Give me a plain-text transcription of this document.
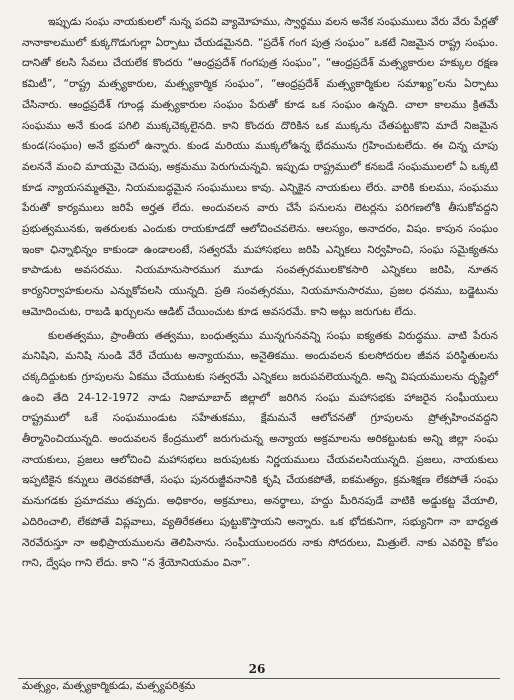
ఇప్పుడు సంఘ నాయకులలో నున్న పదవి వ్యామోహము, స్వార్థము వలన అనేక సంఘములు వేరు వేరు పేర్లతో నానాకాలములో కుక్కగొడుగుల్లా ఏర్పాటు చేయడమైనది. “ప్రదేశ్ గంగ పుత్ర సంఘం” ఒకటే నిజమైన రాష్ట్ర సంఘం. దానితో కలసి సేవలు చేయలేక కొందరు “ఆంధ్రప్రదేశ్ గంగపుత్ర సంఘం”, “ఆంధ్రప్రదేశ్ మత్స్యకారుల హక్కుల రక్షణ కమిటీ”, “రాష్ట్ర మత్స్యకారుల, మత్స్యకార్మిక సంఘం”, “ఆంధ్రప్రదేశ్ మత్స్యకార్మికుల సమాఖ్య”లను ఏర్పాటు చేసినారు. ఆంధ్రప్రదేశ్ గూండ్ల మత్స్యకారుల సంఘం పేరుతో కూడ ఒక సంఘం ఉన్నది. చాలా కాలము క్రితమే సంఘము అనే కుండ పగిలి ముక్కచెక్కలైనది. కాని కొందరు దొరికిన ఒక ముక్కను చేతపట్టుకొని మాదే నిజమైన కుండ(సంఘం) అనే భ్రమలో ఉన్నారు. కుండ మరియు ముక్కలోఉన్న భేదమును గ్రహించుటలేదు. ఈ చిన్న చూపు వలననే మంచి మాయమై చెదుపు, అక్రమము పెరుగుచున్నవి. ఇప్పుడు రాష్ట్రములో కనబడే సంఘములలో ఏ ఒక్కటి కూడ న్యాయసమ్మతమై, నియమబద్ధమైన సంఘములు కావు. ఎన్నికైన నాయకులు లేరు. వారికి కులము, సంఘము పేరుతో కార్యములు జరిపే అర్హత లేదు. అందువలన వారు చేసే పనులను లెటర్లను పరిగణలోకి తీసుకోవద్దని ప్రభుత్వమునకు, ఇతరులకు ఎందుకు రాయకూడదో ఆలోచించవలెను. ఆలస్యం, అనాదరం, విషం. కాపున సంఘం ఇంకా ఛిన్నాభిన్నం కాకుండా ఉండాలంటే, సత్వరమే మహాసభలు జరిపి ఎన్నికలు నిర్వహించి, సంఘ సమైక్యతను కాపాడుట అవసరము. నియమానుసారముగ మూడు సంవత్సరములకొకసారి ఎన్నికలు జరిపి, నూతన కార్యనిర్వాహకులను ఎన్నుకోవలసి యున్నది. ప్రతి సంవత్సరము, నియమానుసారము, ప్రజల ధనము, బడ్జెటును ఆమోదించుట, రాబడి ఖర్చులను ఆడిట్ చేయించుట కూడ అవసరమే. కాని అట్లు జరుగుట లేదు.

కులతత్వము, ప్రాంతీయ తత్వము, బంధుత్వము మున్నగునవన్ని సంఘ ఐక్యతకు విరుద్ధము. వాటి పేరున మనిషిని, మనిషి నుండి వేరే చేయుట అన్యాయము, అనైతికము. అందువలన కులసోదరుల జీవన పరిస్థితులను చక్కదిద్దుటకు గ్రూపులను ఏకము చేయుటకు సత్వరమే ఎన్నికలు జరుపవలెయున్నది. అన్ని విషయములను దృష్టిలో ఉంచి తేది 24-12-1972 నాడు నిజామాబాద్ జిల్లాలో జరిగిన సంఘ మహాసభకు హాజరైన సంఘీయులు రాష్ట్రములో ఒకే సంఘముండుట సహేతుకము, క్షేమమనే ఆలోచనతో గ్రూపులను ప్రోత్సహించవద్దని తీర్మానించియున్నది. అందువలన కేంద్రములో జరుగుచున్న అన్యాయ అక్రమాలను అరికట్టుటకు అన్ని జిల్లా సంఘ నాయకులు, ప్రజలు ఆలోచించి మహాసభలు జరుపుటకు నిర్ణయములు చేయవలసియున్నది. ప్రజలు, నాయకులు ఇప్పటికైన కన్నులు తెరవకపోతే, సంఘ పునరుజ్జీవనానికి కృషి చేయకపోతే, ఐకమత్యం, క్రమశిక్షణ లేకపోతే సంఘ మనుగడకు ప్రమాదము తప్పదు. అధికారం, అక్రమాలు, అనర్థాలు, హద్దు మీరినపుడే వాటికి అడ్డుకట్ట వేయాలి, ఎదిరించాలి, లేకపోతే విప్లవాలు, వ్యతిరేకతలు పుట్టుకొస్తాయని అన్నారు. ఒక భోదకునిగా, సభ్యునిగా నా బాధ్యత నెరవేరుస్తూ నా అభిప్రాయములను తెలిపినాను. సంఘీయులందరు నాకు సోదరులు, మిత్రులే. నాకు ఎవరిపై కోపం గాని, ద్వేషం గాని లేదు. కాని “న శ్రేయోనియమం వినా”.

26
మత్స్యం, మత్స్యకార్మికుడు, మత్స్యపరిశ్రమ
